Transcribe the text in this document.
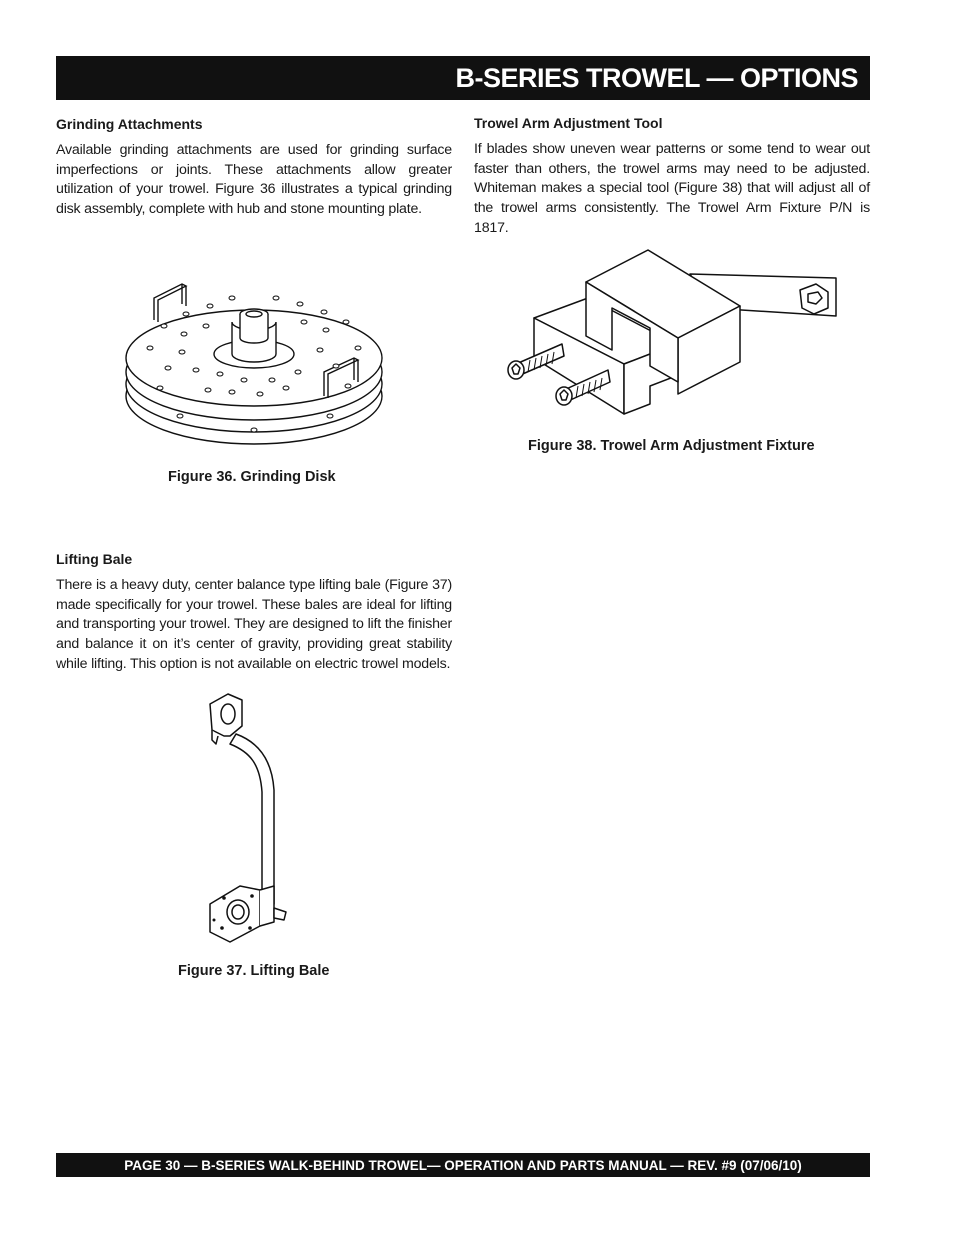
B-SERIES TROWEL — OPTIONS
Grinding Attachments

Available grinding attachments are used for grinding surface imperfections or joints. These attachments allow greater utilization of your trowel. Figure 36 illustrates a typical grinding disk assembly, complete with hub and stone mounting plate.

Trowel Arm Adjustment Tool

If blades show uneven wear patterns or some tend to wear out faster than others, the trowel arms may need to be adjusted. Whiteman makes a special tool (Figure 38) that will adjust all of the trowel arms consistently. The Trowel Arm Fixture P/N is 1817.

Figure 36. Grinding Disk
Figure 38. Trowel Arm Adjustment Fixture
Lifting Bale

There is a heavy duty, center balance type lifting bale (Figure 37) made specifically for your trowel. These bales are ideal for lifting and transporting your trowel. They are designed to lift the finisher and balance it on it’s center of gravity, providing great stability while lifting. This option is not available on electric trowel models.

Figure 37. Lifting Bale
PAGE 30 — B-SERIES WALK-BEHIND TROWEL— OPERATION AND PARTS MANUAL — REV. #9 (07/06/10)
